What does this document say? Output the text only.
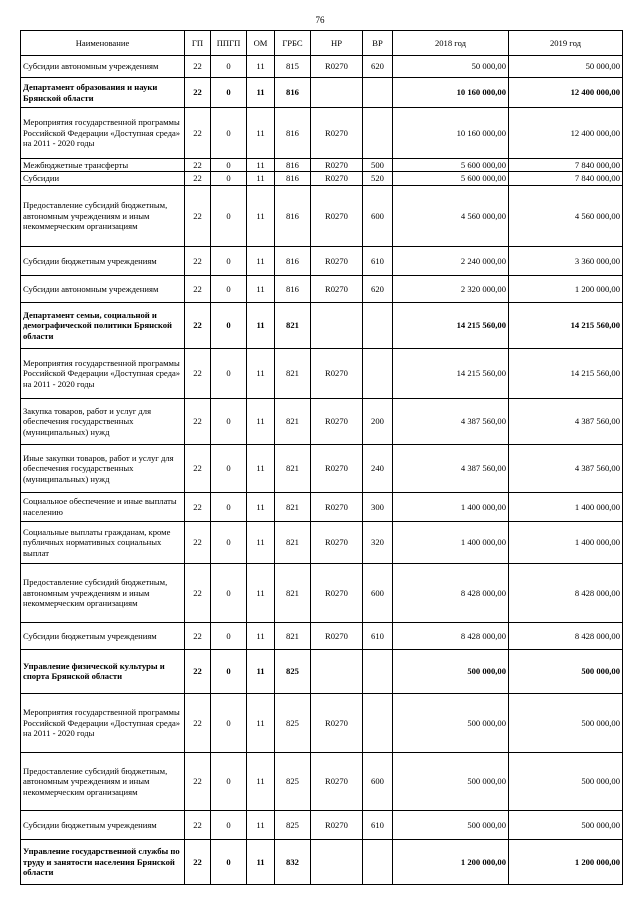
76
Наименование	ГП	ППГП	ОМ	ГРБС	НР	ВР	2018 год	2019 год
Субсидии автономным учреждениям	22	0	11	815	R0270	620	50 000,00	50 000,00
Департамент образования и науки Брянской области	22	0	11	816			10 160 000,00	12 400 000,00
Мероприятия государственной программы Российской Федерации «Доступная среда» на 2011 - 2020 годы	22	0	11	816	R0270		10 160 000,00	12 400 000,00
Межбюджетные трансферты	22	0	11	816	R0270	500	5 600 000,00	7 840 000,00
Субсидии	22	0	11	816	R0270	520	5 600 000,00	7 840 000,00
Предоставление субсидий бюджетным, автономным учреждениям и иным некоммерческим организациям	22	0	11	816	R0270	600	4 560 000,00	4 560 000,00
Субсидии бюджетным учреждениям	22	0	11	816	R0270	610	2 240 000,00	3 360 000,00
Субсидии автономным учреждениям	22	0	11	816	R0270	620	2 320 000,00	1 200 000,00
Департамент семьи, социальной и демографической политики Брянской области	22	0	11	821			14 215 560,00	14 215 560,00
Мероприятия государственной программы Российской Федерации «Доступная среда» на 2011 - 2020 годы	22	0	11	821	R0270		14 215 560,00	14 215 560,00
Закупка товаров, работ и услуг для обеспечения государственных (муниципальных) нужд	22	0	11	821	R0270	200	4 387 560,00	4 387 560,00
Иные закупки товаров, работ и услуг для обеспечения государственных (муниципальных) нужд	22	0	11	821	R0270	240	4 387 560,00	4 387 560,00
Социальное обеспечение и иные выплаты населению	22	0	11	821	R0270	300	1 400 000,00	1 400 000,00
Социальные выплаты гражданам, кроме публичных нормативных социальных выплат	22	0	11	821	R0270	320	1 400 000,00	1 400 000,00
Предоставление субсидий бюджетным, автономным учреждениям и иным некоммерческим организациям	22	0	11	821	R0270	600	8 428 000,00	8 428 000,00
Субсидии бюджетным учреждениям	22	0	11	821	R0270	610	8 428 000,00	8 428 000,00
Управление физической культуры и спорта Брянской области	22	0	11	825			500 000,00	500 000,00
Мероприятия государственной программы Российской Федерации «Доступная среда» на 2011 - 2020 годы	22	0	11	825	R0270		500 000,00	500 000,00
Предоставление субсидий бюджетным, автономным учреждениям и иным некоммерческим организациям	22	0	11	825	R0270	600	500 000,00	500 000,00
Субсидии бюджетным учреждениям	22	0	11	825	R0270	610	500 000,00	500 000,00
Управление государственной службы по труду и занятости населения Брянской области	22	0	11	832			1 200 000,00	1 200 000,00
